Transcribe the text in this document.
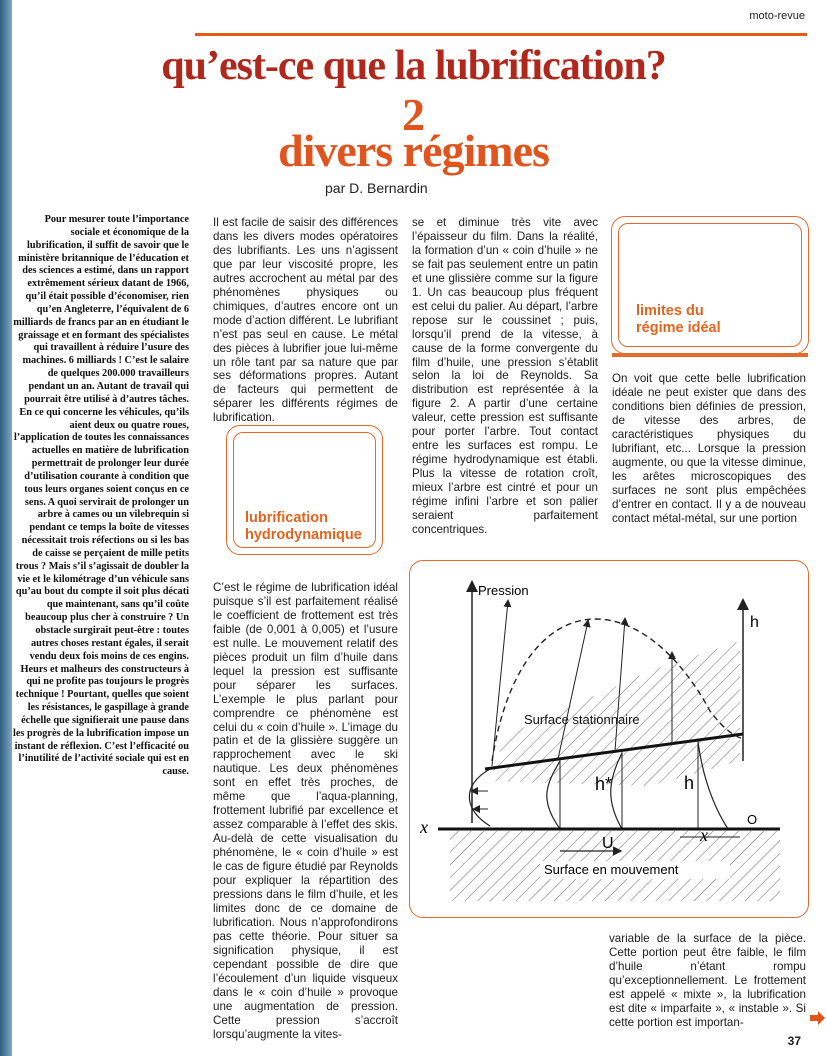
moto-revue
qu’est-ce que la lubrification?
2
divers régimes
par D. Bernardin
Pour mesurer toute l’importance sociale et économique de la lubrification, il suffit de savoir que le ministère britannique de l’éducation et des sciences a estimé, dans un rapport extrêmement sérieux datant de 1966, qu’il était possible d’économiser, rien qu’en Angleterre, l’équivalent de 6 milliards de francs par an en étudiant le graissage et en formant des spécialistes qui travaillent à réduire l’usure des machines. 6 milliards ! C’est le salaire de quelques 200.000 travailleurs pendant un an. Autant de travail qui pourrait être utilisé à d’autres tâches. En ce qui concerne les véhicules, qu’ils aient deux ou quatre roues, l’application de toutes les connaissances actuelles en matière de lubrification permettrait de prolonger leur durée d’utilisation courante à condition que tous leurs organes soient conçus en ce sens. A quoi servirait de prolonger un arbre à cames ou un vilebrequin si pendant ce temps la boîte de vitesses nécessitait trois réfections ou si les bas de caisse se perçaient de mille petits trous ? Mais s’il s’agissait de doubler la vie et le kilométrage d’un véhicule sans qu’au bout du compte il soit plus décati que maintenant, sans qu’il coûte beaucoup plus cher à construire ? Un obstacle surgirait peut-être : toutes autres choses restant égales, il serait vendu deux fois moins de ces engins. Heurs et malheurs des constructeurs à qui ne profite pas toujours le progrès technique ! Pourtant, quelles que soient les résistances, le gaspillage à grande échelle que signifierait une pause dans les progrès de la lubrification impose un instant de réflexion. C’est l’efficacité ou l’inutilité de l’activité sociale qui est en cause.
Il est facile de saisir des différences dans les divers modes opératoires des lubrifiants. Les uns n’agissent que par leur viscosité propre, les autres accrochent au métal par des phénomènes physiques ou chimiques, d’autres encore ont un mode d’action différent. Le lubrifiant n’est pas seul en cause. Le métal des pièces à lubrifier joue lui-même un rôle tant par sa nature que par ses déformations propres. Autant de facteurs qui permettent de séparer les différents régimes de lubrification.
lubrification
hydrodynamique
C’est le régime de lubrification idéal puisque s’il est parfaitement réalisé le coefficient de frottement est très faible (de 0,001 à 0,005) et l’usure est nulle. Le mouvement relatif des pièces produit un film d’huile dans lequel la pression est suffisante pour séparer les surfaces. L’exemple le plus parlant pour comprendre ce phénomène est celui du « coin d’huile ». L’image du patin et de la glissière suggère un rapprochement avec le ski nautique. Les deux phénomènes sont en effet très proches, de même que l’aqua-planning, frottement lubrifié par excellence et assez comparable à l’effet des skis. Au-delà de cette visualisation du phénomène, le « coin d’huile » est le cas de figure étudié par Reynolds pour expliquer la répartition des pressions dans le film d’huile, et les limites donc de ce domaine de lubrification. Nous n’approfondirons pas cette théorie. Pour situer sa signification physique, il est cependant possible de dire que l’écoulement d’un liquide visqueux dans le « coin d’huile » provoque une augmentation de pression. Cette pression s’accroît lorsqu’augmente la vites-
se et diminue très vite avec l’épaisseur du film. Dans la réalité, la formation d’un « coin d’huile » ne se fait pas seulement entre un patin et une glissière comme sur la figure 1. Un cas beaucoup plus fréquent est celui du palier. Au départ, l’arbre repose sur le coussinet ; puis, lorsqu’il prend de la vitesse, à cause de la forme convergente du film d’huile, une pression s’établit selon la loi de Reynolds. Sa distribution est représentée à la figure 2. A partir d’une certaine valeur, cette pression est suffisante pour porter l’arbre. Tout contact entre les surfaces est rompu. Le régime hydrodynamique est établi. Plus la vitesse de rotation croît, mieux l’arbre est cintré et pour un régime infini l’arbre et son palier seraient parfaitement concentriques.
limites du
régime idéal
On voit que cette belle lubrification idéale ne peut exister que dans des conditions bien définies de pression, de vitesse des arbres, de caractéristiques physiques du lubrifiant, etc... Lorsque la pression augmente, ou que la vitesse diminue, les arêtes microscopiques des surfaces ne sont plus empêchées d’entrer en contact. Il y a de nouveau contact métal-métal, sur une portion
Pression
h
Surface stationnaire
h*	h
Surface en mouvement
U
x	x
O
variable de la surface de la pièce. Cette portion peut être faible, le film d’huile n’étant rompu qu’exceptionnellement. Le frottement est appelé « mixte », la lubrification est dite « imparfaite », « instable ». Si cette portion est importan-
37
